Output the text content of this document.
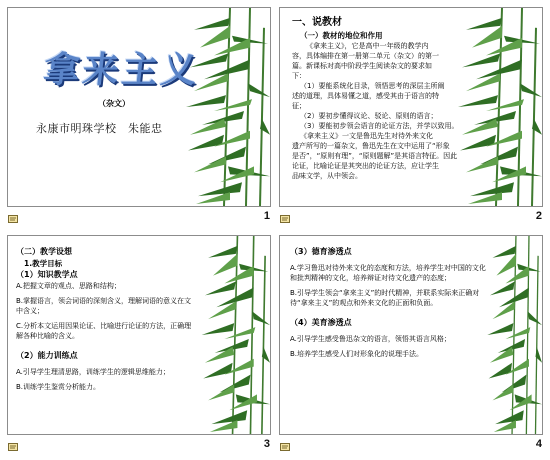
拿来主义
（杂文）
永康市明珠学校　朱能忠
1

一、说教材

（一）教材的地位和作用

《拿来主义》，它是高中一年级的教学内

容，具体编排在第一册第二单元（杂文）的第一

篇。新课标对高中阶段学生阅读杂文的要求如

下：

（1）要能系统化目录，领悟思考的深层主所阐

述的道理，具体易懂之道，感受其由于语言的特

征；

（2）要初步懂得议论、驳论、原则的语言；

（3）要能初步领会语言的论证方法，并学以致用。

《拿来主义》一文是鲁迅先生对待外来文化

遗产所写的一篇杂文，鲁迅先生在文中运用了“形象

是否”，“原则有理”，“原则题解”是其语言特征。因此

论证，比喻论证是其突出的论证方法，应让学生

品味文学，从中领会。

2

（二）教学设想

1.教学目标

（1）知识教学点

A.把握文章的观点、思路和结构；

B.掌握语言，领会词语的深刻含义，理解词语的意义在文中含义；

C.分析本文运用因果论证、比喻进行论证的方法，正确理解各种比喻的含义。

（2）能力训练点

A.引导学生理清思路，训练学生的逻辑思维能力；

B.训练学生鉴赏分析能力。

3

（3）德育渗透点

A.学习鲁迅对待外来文化的态度和方法，培养学生对中国的文化和批判精神的文化，培养辩证对待文化遗产的态度；

B.引导学生领会“拿来主义”的时代精神，并联系实际来正确对待“拿来主义”的观点和外来文化的正面和负面。

（4）美育渗透点

A.引导学生感受鲁迅杂文的语言，领悟其语言风格；

B.培养学生感受人们对形象化的说理手法。

4
